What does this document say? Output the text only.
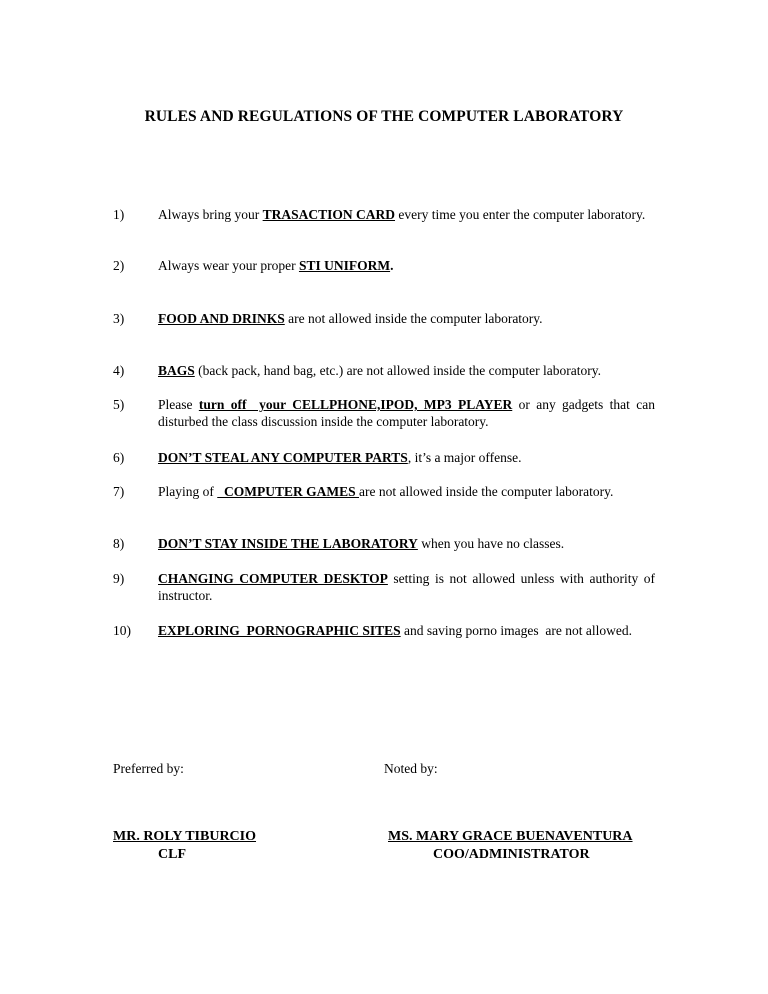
RULES AND REGULATIONS OF THE COMPUTER LABORATORY
1)	Always bring your TRASACTION CARD every time you enter the computer laboratory.
2)	Always wear your proper STI UNIFORM.
3)	FOOD AND DRINKS are not allowed inside the computer laboratory.
4)	BAGS (back pack, hand bag, etc.) are not allowed inside the computer laboratory.
5)	Please turn off  your CELLPHONE,IPOD, MP3 PLAYER or any gadgets that can disturbed the class discussion inside the computer laboratory.
6)	DON’T STEAL ANY COMPUTER PARTS, it’s a major offense.
7)	Playing of   COMPUTER GAMES are not allowed inside the computer laboratory.
8)	DON’T STAY INSIDE THE LABORATORY when you have no classes.
9)	CHANGING COMPUTER DESKTOP setting is not allowed unless with authority of instructor.
10) EXPLORING  PORNOGRAPHIC SITES and saving porno images  are not allowed.
Preferred by:	Noted by:
MR. ROLY TIBURCIO	MS. MARY GRACE BUENAVENTURA
CLF	COO/ADMINISTRATOR
